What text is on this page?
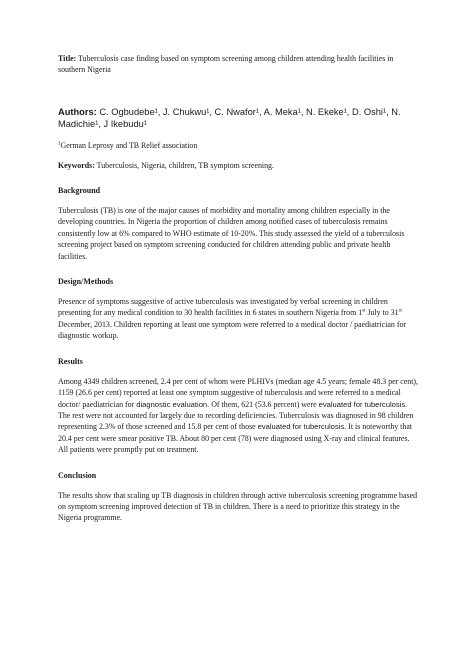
Title: Tuberculosis case finding based on symptom screening among children attending health facilities in southern Nigeria

Authors: C. Ogbudebe¹, J. Chukwu¹, C. Nwafor¹, A. Meka¹, N. Ekeke¹, D. Oshi¹, N. Madichie¹, J Ikebudu¹

$^1$German Leprosy and TB Relief association

Keywords: Tuberculosis, Nigeria, children, TB symptom screening.

Background

Tuberculosis (TB) is one of the major causes of morbidity and mortality among children especially in the developing countries. In Nigeria the proportion of children among notified cases of tuberculosis remains consistently low at 6% compared to WHO estimate of 10-20%. This study assessed the yield of a tuberculosis screening project based on symptom screening conducted for children attending public and private health facilities.

Design/Methods

Presence of symptoms suggestive of active tuberculosis was investigated by verbal screening in children presenting for any medical condition to 30 health facilities in 6 states in southern Nigeria from 1st July to 31st December, 2013. Children reporting at least one symptom were referred to a medical doctor / paediatrician for diagnostic workup.

Results

Among 4349 children screened, 2.4 per cent of whom were PLHIVs (median age 4.5 years; female 48.3 per cent), 1159 (26.6 per cent) reported at least one symptom suggestive of tuberculosis and were referred to a medical doctor/ paediatrician for diagnostic evaluation. Of them, 621 (53.6 percent) were evaluated for tuberculosis. The rest were not accounted for largely due to recording deficiencies. Tuberculosis was diagnosed in 98 children representing 2.3% of those screened and 15.8 per cent of those evaluated for tuberculosis. It is noteworthy that 20.4 per cent were smear positive TB. About 80 per cent (78) were diagnosed using X-ray and clinical features. All patients were promptly put on treatment.

Conclusion

The results show that scaling up TB diagnosis in children through active tuberculosis screening programme based on symptom screening improved detection of TB in children. There is a need to prioritize this strategy in the Nigeria programme.
